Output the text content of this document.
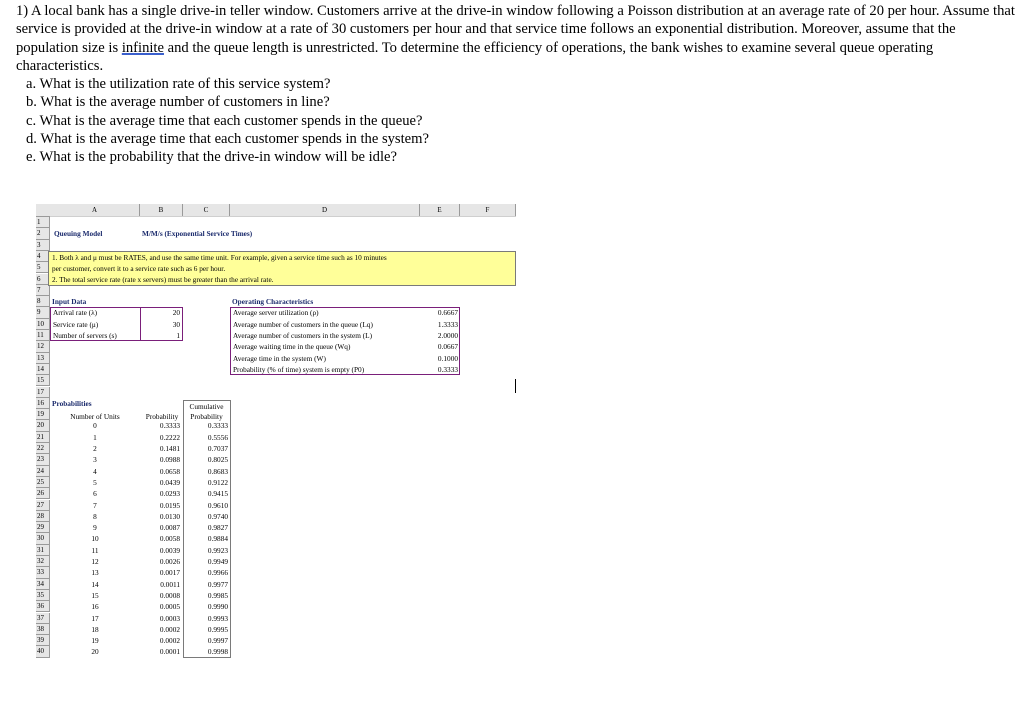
1) A local bank has a single drive-in teller window. Customers arrive at the drive-in window following a Poisson distribution at an average rate of 20 per hour. Assume that service is provided at the drive-in window at a rate of 30 customers per hour and that service time follows an exponential distribution. Moreover, assume that the population size is infinite and the queue length is unrestricted. To determine the efficiency of operations, the bank wishes to examine several queue operating characteristics.

a. What is the utilization rate of this service system?

b. What is the average number of customers in line?

c. What is the average time that each customer spends in the queue?

d. What is the average time that each customer spends in the system?

e. What is the probability that the drive-in window will be idle?

A	B	C	D	E	F
1
2
3
4
5
6
7
8
9
10
11
12
13
14
15
17
16
19
20
21
22
23
24
25
26
27
28
29
30
31
32
33
34
35
36
37
38
39
40
Queuing Model	M/M/s (Exponential Service Times)
Input Data	Operating Characteristics
Arrival rate (λ)	20
Service rate (μ)	30
Number of servers (s)	1
Average server utilization (ρ)	0.6667
Average number of customers in the queue (Lq)	1.3333
Average number of customers in the system (L)	2.0000
Average waiting time in the queue (Wq)	0.0667
Average time in the system (W)	0.1000
Probability (% of time) system is empty (P0)	0.3333
Probabilities	Cumulative
Number of Units	Probability	Probability
0	0.3333	0.3333
1	0.2222	0.5556
2	0.1481	0.7037
3	0.0988	0.8025
4	0.0658	0.8683
5	0.0439	0.9122
6	0.0293	0.9415
7	0.0195	0.9610
8	0.0130	0.9740
9	0.0087	0.9827
10	0.0058	0.9884
11	0.0039	0.9923
12	0.0026	0.9949
13	0.0017	0.9966
14	0.0011	0.9977
15	0.0008	0.9985
16	0.0005	0.9990
17	0.0003	0.9993
18	0.0002	0.9995
19	0.0002	0.9997
20	0.0001	0.9998
1. Both λ and μ must be RATES, and use the same time unit. For example, given a service time such as 10 minutes
per customer, convert it to a service rate such as 6 per hour.
2. The total service rate (rate x servers) must be greater than the arrival rate.
